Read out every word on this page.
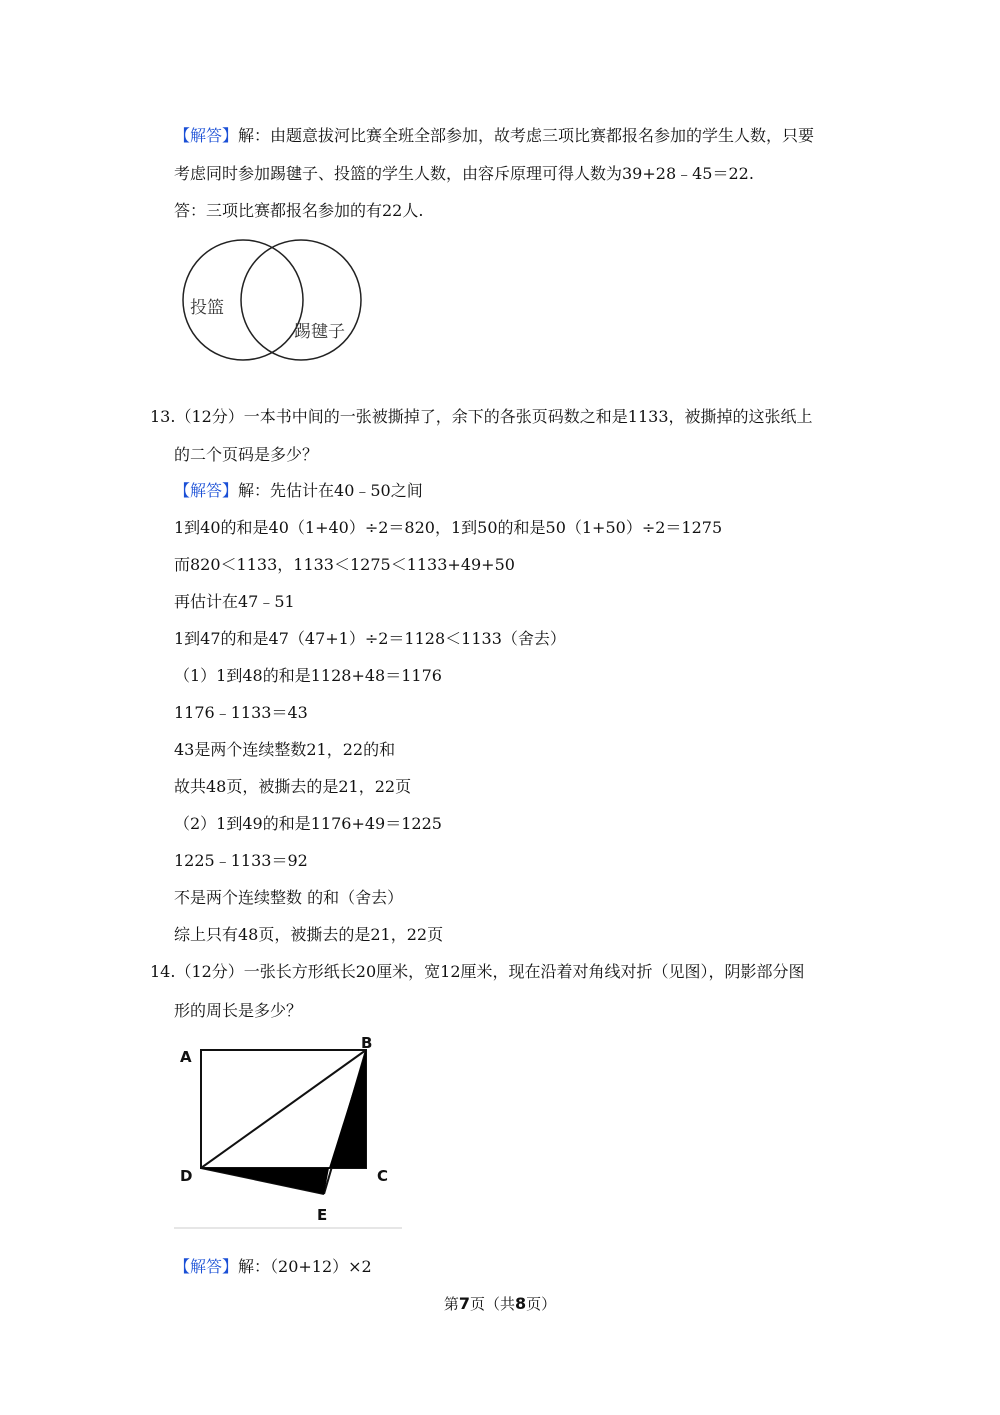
【解答】解：由题意拔河比赛全班全部参加，故考虑三项比赛都报名参加的学生人数，只要
考虑同时参加踢毽子、投篮的学生人数，由容斥原理可得人数为39+28﹣45＝22.
答：三项比赛都报名参加的有22人.
投篮
踢毽子
13.（12分）一本书中间的一张被撕掉了，余下的各张页码数之和是1133，被撕掉的这张纸上
的二个页码是多少？
【解答】解：先估计在40﹣50之间
1到40的和是40（1+40）÷2＝820，1到50的和是50（1+50）÷2＝1275
而820＜1133，1133＜1275＜1133+49+50
再估计在47﹣51
1到47的和是47（47+1）÷2＝1128＜1133（舍去）
（1）1到48的和是1128+48＝1176
1176﹣1133＝43
43是两个连续整数21，22的和
故共48页，被撕去的是21，22页
（2）1到49的和是1176+49＝1225
1225﹣1133＝92
不是两个连续整数 的和（舍去）
综上只有48页，被撕去的是21，22页
14.（12分）一张长方形纸长20厘米，宽12厘米，现在沿着对角线对折（见图），阴影部分图
形的周长是多少？
A
B
C
D
E
【解答】解：（20+12）×2
第7页（共8页）
